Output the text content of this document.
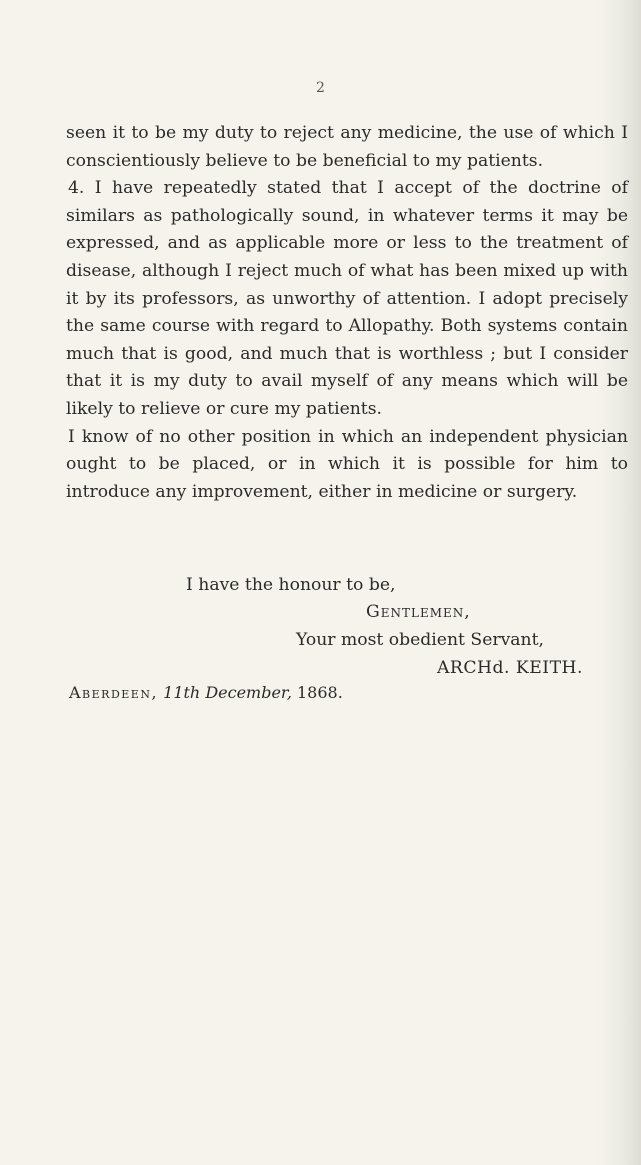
2

seen it to be my duty to reject any medicine, the use of which I conscientiously believe to be beneficial to my patients.

4. I have repeatedly stated that I accept of the doctrine of similars as pathologically sound, in whatever terms it may be expressed, and as applicable more or less to the treatment of disease, although I reject much of what has been mixed up with it by its professors, as unworthy of attention. I adopt precisely the same course with regard to Allopathy. Both systems contain much that is good, and much that is worthless ; but I consider that it is my duty to avail myself of any means which will be likely to relieve or cure my patients.

I know of no other position in which an independent physician ought to be placed, or in which it is possible for him to introduce any improvement, either in medicine or surgery.

I have the honour to be,
Gentlemen,
Your most obedient Servant,
ARCHd. KEITH.
Aberdeen, 11th December, 1868.
